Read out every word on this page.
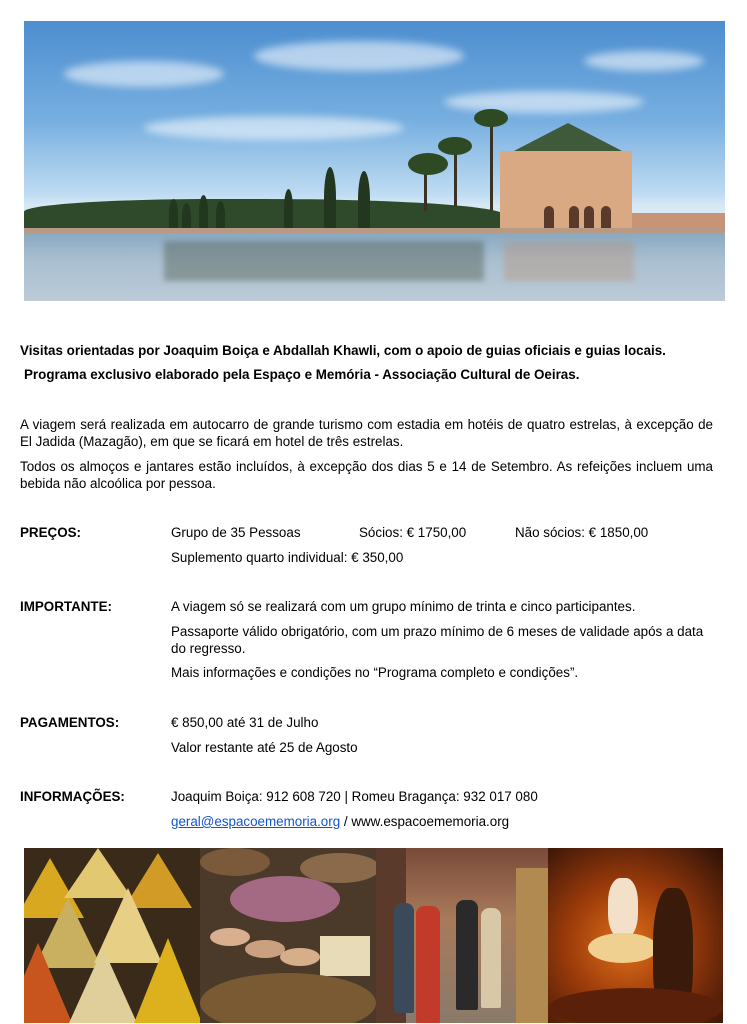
Visitas orientadas por Joaquim Boiça e Abdallah Khawli, com o apoio de guias oficiais e guias locais.
Programa exclusivo elaborado pela Espaço e Memória - Associação Cultural de Oeiras.
A viagem será realizada em autocarro de grande turismo com estadia em hotéis de quatro estrelas, à excepção de El Jadida (Mazagão), em que se ficará em hotel de três estrelas.
Todos os almoços e jantares estão incluídos, à excepção dos dias 5 e 14 de Setembro. As refeições incluem uma bebida não alcoólica por pessoa.
PREÇOS:	Grupo de 35 Pessoas	Sócios: € 1750,00	Não sócios: € 1850,00
Suplemento quarto individual: € 350,00
IMPORTANTE:	A viagem só se realizará com um grupo mínimo de trinta e cinco participantes.
Passaporte válido obrigatório, com um prazo mínimo de 6 meses de validade após a data do regresso.
Mais informações e condições no “Programa completo e condições”.
PAGAMENTOS:	€ 850,00 até 31 de Julho
Valor restante até 25 de Agosto
INFORMAÇÕES:	Joaquim Boiça: 912 608 720 | Romeu Bragança: 932 017 080
geral@espacoememoria.org / www.espacoememoria.org
